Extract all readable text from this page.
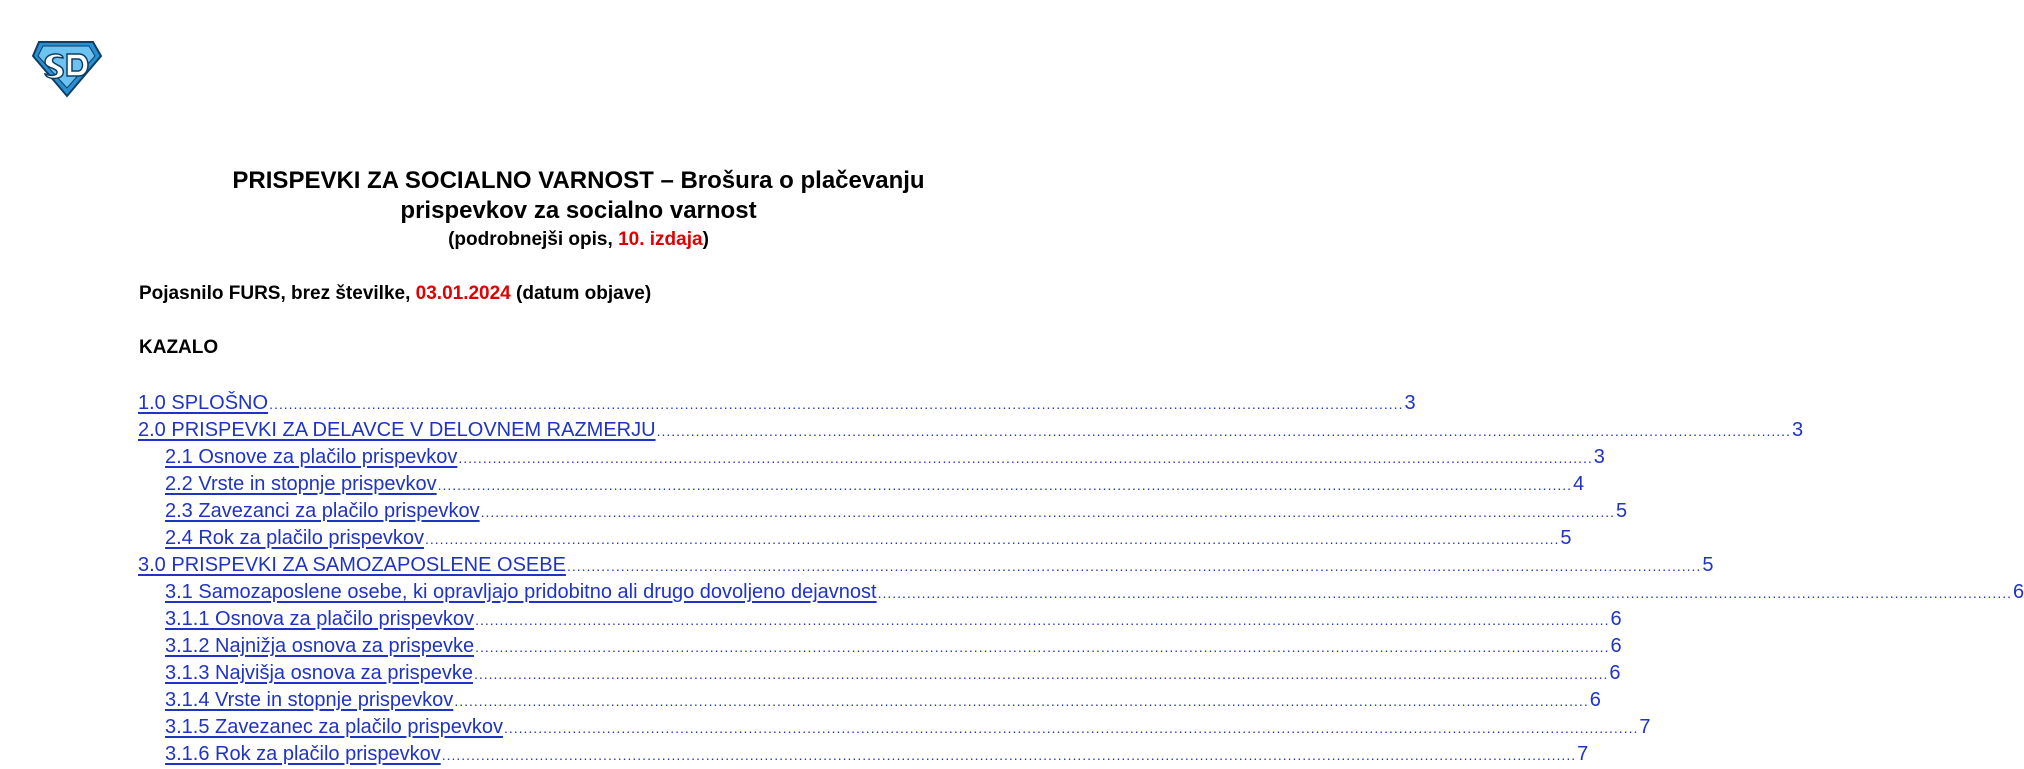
PRISPEVKI ZA SOCIALNO VARNOST – Brošura o plačevanju
prispevkov za socialno varnost
(podrobnejši opis, 10. izdaja)
Pojasnilo FURS, brez številke, 03.01.2024 (datum objave)
KAZALO
1.0 SPLOŠNO .....	3
2.0 PRISPEVKI ZA DELAVCE V DELOVNEM RAZMERJU .....	3
2.1 Osnove za plačilo prispevkov .....	3
2.2 Vrste in stopnje prispevkov .....	4
2.3 Zavezanci za plačilo prispevkov .....	5
2.4 Rok za plačilo prispevkov .....	5
3.0 PRISPEVKI ZA SAMOZAPOSLENE OSEBE .....	5
3.1 Samozaposlene osebe, ki opravljajo pridobitno ali drugo dovoljeno dejavnost .....	6
3.1.1 Osnova za plačilo prispevkov .....	6
3.1.2 Najnižja osnova za prispevke .....	6
3.1.3 Najvišja osnova za prispevke .....	6
3.1.4 Vrste in stopnje prispevkov .....	6
3.1.5 Zavezanec za plačilo prispevkov .....	7
3.1.6 Rok za plačilo prispevkov .....	7
